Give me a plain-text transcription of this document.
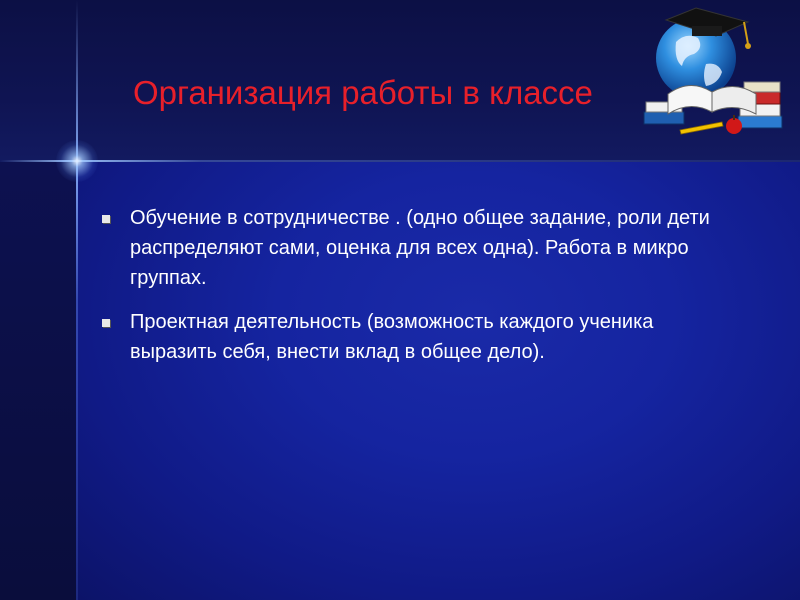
Организация работы в классе
Обучение в сотрудничестве . (одно общее задание, роли дети распределяют сами, оценка для всех одна). Работа в микро группах.
Проектная деятельность (возможность каждого ученика выразить себя, внести вклад в общее дело).
